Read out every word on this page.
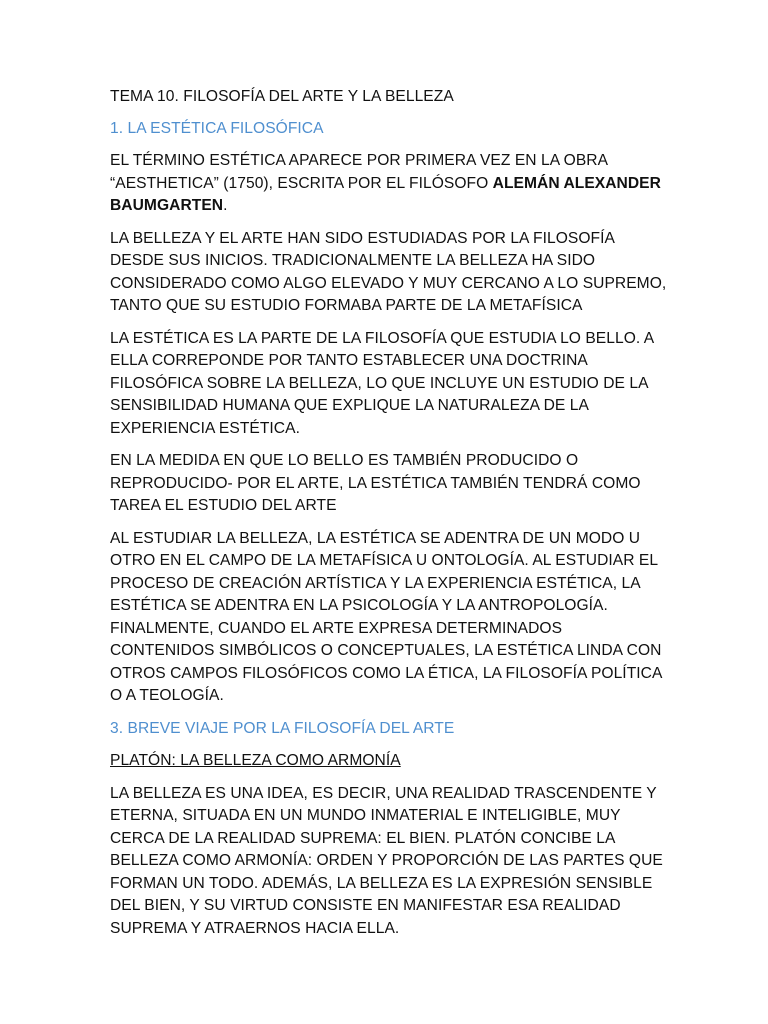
TEMA 10. FILOSOFÍA DEL ARTE Y LA BELLEZA

1. LA ESTÉTICA FILOSÓFICA

EL TÉRMINO ESTÉTICA APARECE POR PRIMERA VEZ EN LA OBRA “AESTHETICA” (1750), ESCRITA POR EL FILÓSOFO ALEMÁN ALEXANDER BAUMGARTEN.

LA BELLEZA Y EL ARTE HAN SIDO ESTUDIADAS POR LA FILOSOFÍA DESDE SUS INICIOS. TRADICIONALMENTE LA BELLEZA HA SIDO CONSIDERADO COMO ALGO ELEVADO Y MUY CERCANO A LO SUPREMO, TANTO QUE SU ESTUDIO FORMABA PARTE DE LA METAFÍSICA

LA ESTÉTICA ES LA PARTE DE LA FILOSOFÍA QUE ESTUDIA LO BELLO. A ELLA CORREPONDE POR TANTO ESTABLECER UNA DOCTRINA FILOSÓFICA SOBRE LA BELLEZA, LO QUE INCLUYE UN ESTUDIO DE LA SENSIBILIDAD HUMANA QUE EXPLIQUE LA NATURALEZA DE LA EXPERIENCIA ESTÉTICA.

EN LA MEDIDA EN QUE LO BELLO ES TAMBIÉN PRODUCIDO O REPRODUCIDO- POR EL ARTE, LA ESTÉTICA TAMBIÉN TENDRÁ COMO TAREA EL ESTUDIO DEL ARTE

AL ESTUDIAR LA BELLEZA, LA ESTÉTICA SE ADENTRA DE UN MODO U OTRO EN EL CAMPO DE LA METAFÍSICA U ONTOLOGÍA. AL ESTUDIAR EL PROCESO DE CREACIÓN ARTÍSTICA Y LA EXPERIENCIA ESTÉTICA, LA ESTÉTICA SE ADENTRA EN LA PSICOLOGÍA Y LA ANTROPOLOGÍA. FINALMENTE, CUANDO EL ARTE EXPRESA DETERMINADOS CONTENIDOS SIMBÓLICOS O CONCEPTUALES, LA ESTÉTICA LINDA CON OTROS CAMPOS FILOSÓFICOS COMO LA ÉTICA, LA FILOSOFÍA POLÍTICA O A TEOLOGÍA.

3. BREVE VIAJE POR LA FILOSOFÍA DEL ARTE

PLATÓN: LA BELLEZA COMO ARMONÍA

LA BELLEZA ES UNA IDEA, ES DECIR, UNA REALIDAD TRASCENDENTE Y ETERNA, SITUADA EN UN MUNDO INMATERIAL E INTELIGIBLE, MUY CERCA DE LA REALIDAD SUPREMA: EL BIEN. PLATÓN CONCIBE LA BELLEZA COMO ARMONÍA: ORDEN Y PROPORCIÓN DE LAS PARTES QUE FORMAN UN TODO. ADEMÁS, LA BELLEZA ES LA EXPRESIÓN SENSIBLE DEL BIEN, Y SU VIRTUD CONSISTE EN MANIFESTAR ESA REALIDAD SUPREMA Y ATRAERNOS HACIA ELLA.
